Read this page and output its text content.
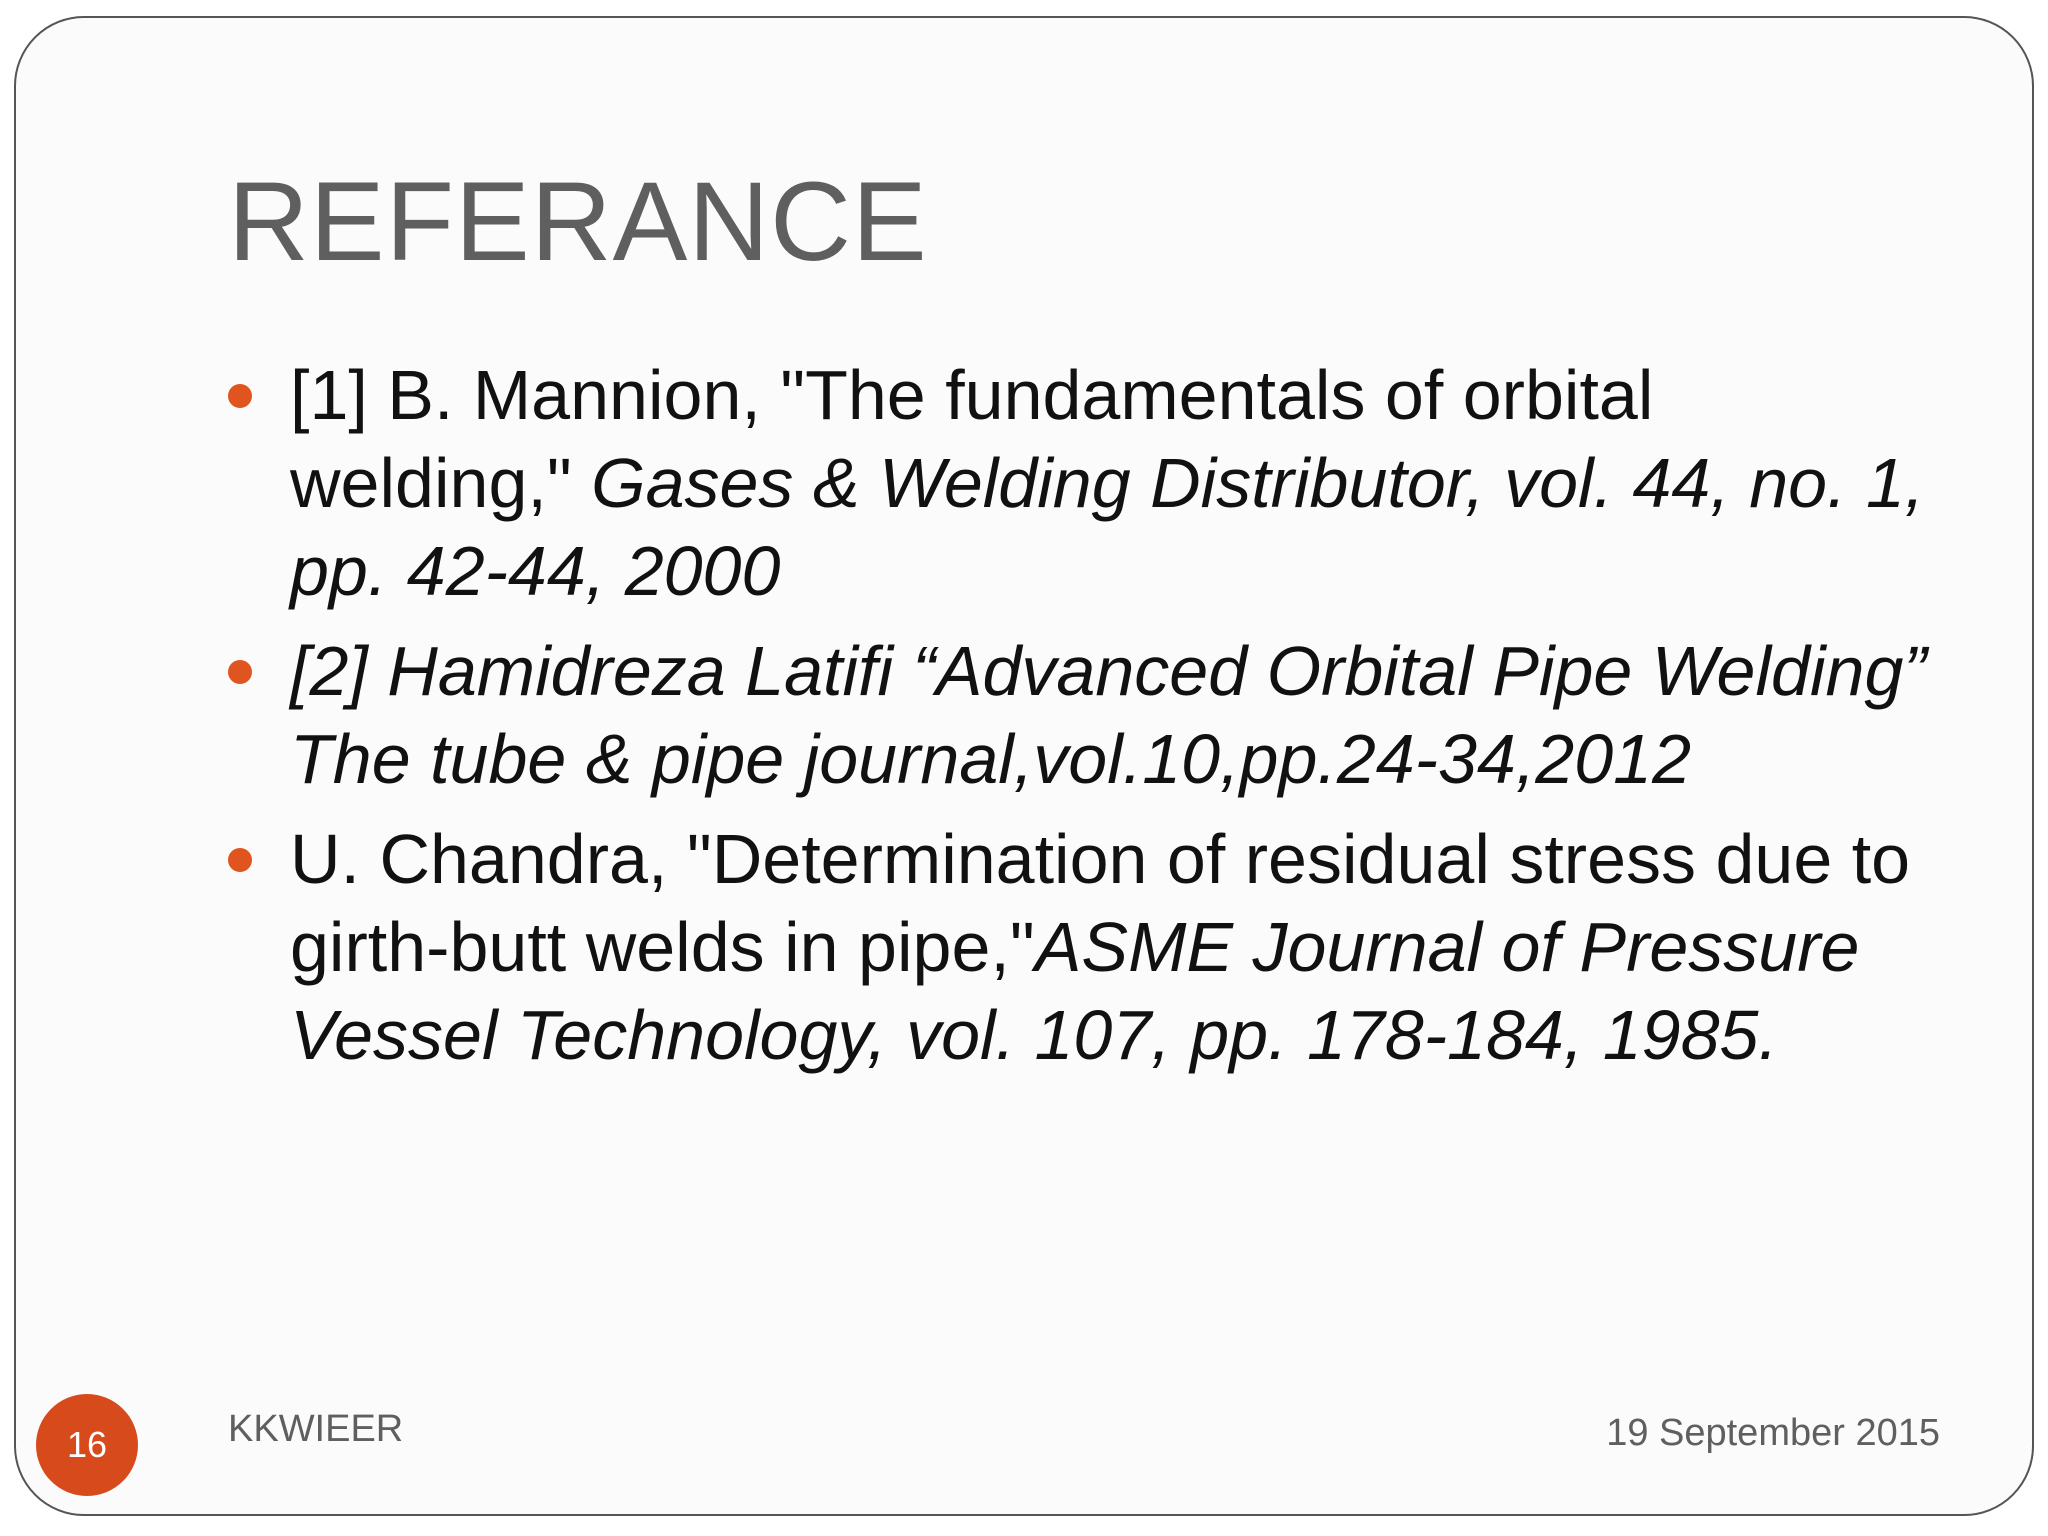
REFERANCE
[1] B. Mannion, "The fundamentals of orbital welding," Gases & Welding Distributor, vol. 44, no. 1, pp. 42-44, 2000
[2] Hamidreza Latifi “Advanced Orbital Pipe Welding” The tube & pipe journal,vol.10,pp.24-34,2012
U. Chandra, "Determination of residual stress due to girth-butt welds in pipe,"ASME Journal of Pressure Vessel Technology, vol. 107, pp. 178-184, 1985.
16	KKWIEER	19 September 2015
